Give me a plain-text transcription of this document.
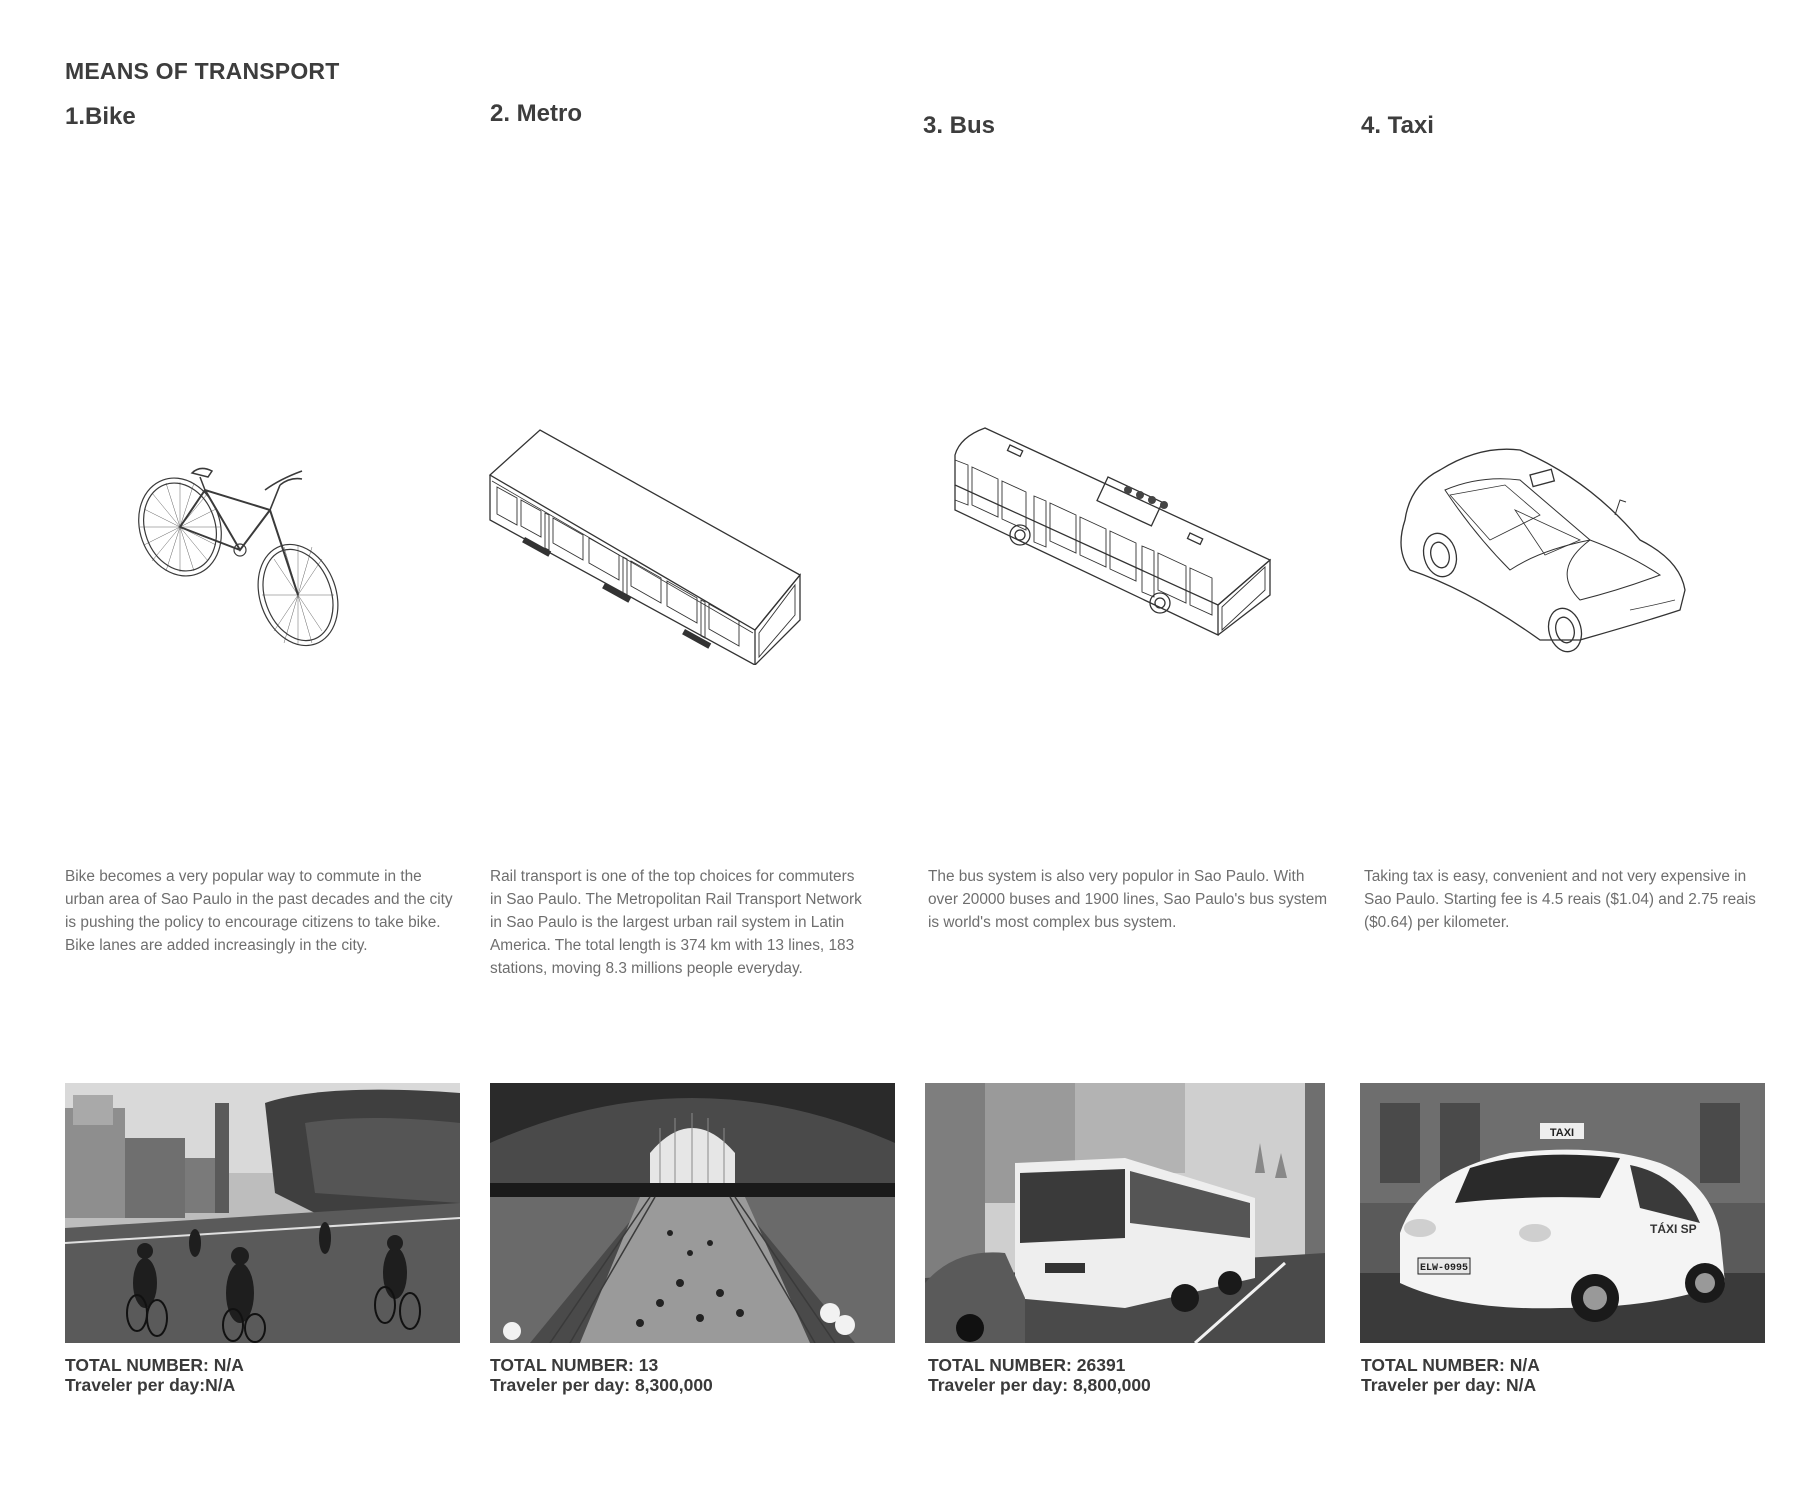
MEANS OF TRANSPORT
1.Bike

Bike becomes a very popular way to commute in the urban area of Sao Paulo in the past decades and the city is pushing the policy to encourage citizens to take bike. Bike lanes are added increasingly in the city.

TOTAL NUMBER: N/A
Traveler per day:N/A
2. Metro

Rail transport is one of the top choices for commuters in Sao Paulo. The Metropolitan Rail Transport Network in Sao Paulo is the largest urban rail system in Latin America. The total length is 374 km with 13 lines, 183 stations, moving 8.3 millions people everyday.

TOTAL NUMBER: 13
Traveler per day: 8,300,000
3. Bus

The bus system is also very populor in Sao Paulo. With over 20000 buses and 1900 lines, Sao Paulo's bus system is world's most complex bus system.

TOTAL NUMBER: 26391
Traveler per day: 8,800,000
4. Taxi

Taking tax is easy, convenient and not very expensive in Sao Paulo. Starting fee is 4.5 reais ($1.04) and 2.75 reais ($0.64) per kilometer.

TAXI
TÁXI SP
ELW-0995
TOTAL NUMBER: N/A
Traveler per day: N/A
